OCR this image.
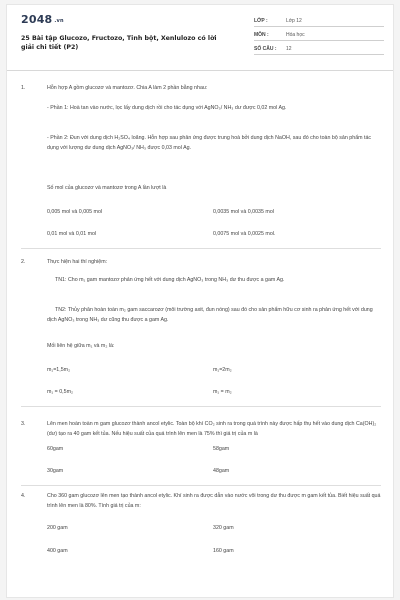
2048 .vn
25 Bài tập Glucozo, Fructozo, Tinh bột, Xenlulozo có lời giải chi tiết (P2)
LỚP :	Lớp 12
MÔN :	Hóa học
SỐ CÂU : 12
1.	Hỗn hợp A gồm glucozơ và mantozơ. Chia A làm 2 phần bằng nhau:

- Phần 1: Hoà tan vào nước, lọc lấy dung dịch rồi cho tác dụng với AgNO₃/ NH₃ dư được 0,02 mol Ag.

- Phần 2: Đun với dung dịch H₂SO₄ loãng. Hỗn hợp sau phản ứng được trung hoà bởi dung dịch NaOH, sau đó cho toàn bộ sản phẩm tác dụng với lượng dư dung dịch AgNO₃/ NH₃ được 0,03 mol Ag.

Số mol của glucozơ và mantozơ trong A lần lượt là

0,005 mol và 0,005 mol	0,0035 mol và 0,0035 mol
0,01 mol và 0,01 mol	0,0075 mol và 0,0025 mol.
2.	Thực hiện hai thí nghiệm:

TN1: Cho m₁ gam mantozơ phản ứng hết với dung dịch AgNO₃ trong NH₃ dư thu được a gam Ag.

TN2: Thủy phân hoàn toàn m₂ gam saccarozơ (môi trường axit, đun nóng) sau đó cho sản phẩm hữu cơ sinh ra phản ứng hết với dung dịch AgNO₃ trong NH₃ dư cũng thu được a gam Ag.

Mối liên hệ giữa m₁ và m₂ là:

m₁=1,5m₂	m₁=2m₂
m₁ = 0,5m₂	m₁ = m₂
3.	Lên men hoàn toàn m gam glucozơ thành ancol etylic. Toàn bộ khí CO₂ sinh ra trong quá trình này được hấp thụ hết vào dung dịch Ca(OH)₂ (dư) tạo ra 40 gam kết tủa. Nếu hiệu suất của quá trình lên men là 75% thì giá trị của m là

60gam	58gam
30gam	48gam
4.	Cho 360 gam glucozơ lên men tạo thành ancol etylic. Khí sinh ra được dẫn vào nước vôi trong dư thu được m gam kết tủa. Biết hiệu suất quá trình lên men là 80%. Tính giá trị của m:

200 gam	320 gam
400 gam	160 gam
